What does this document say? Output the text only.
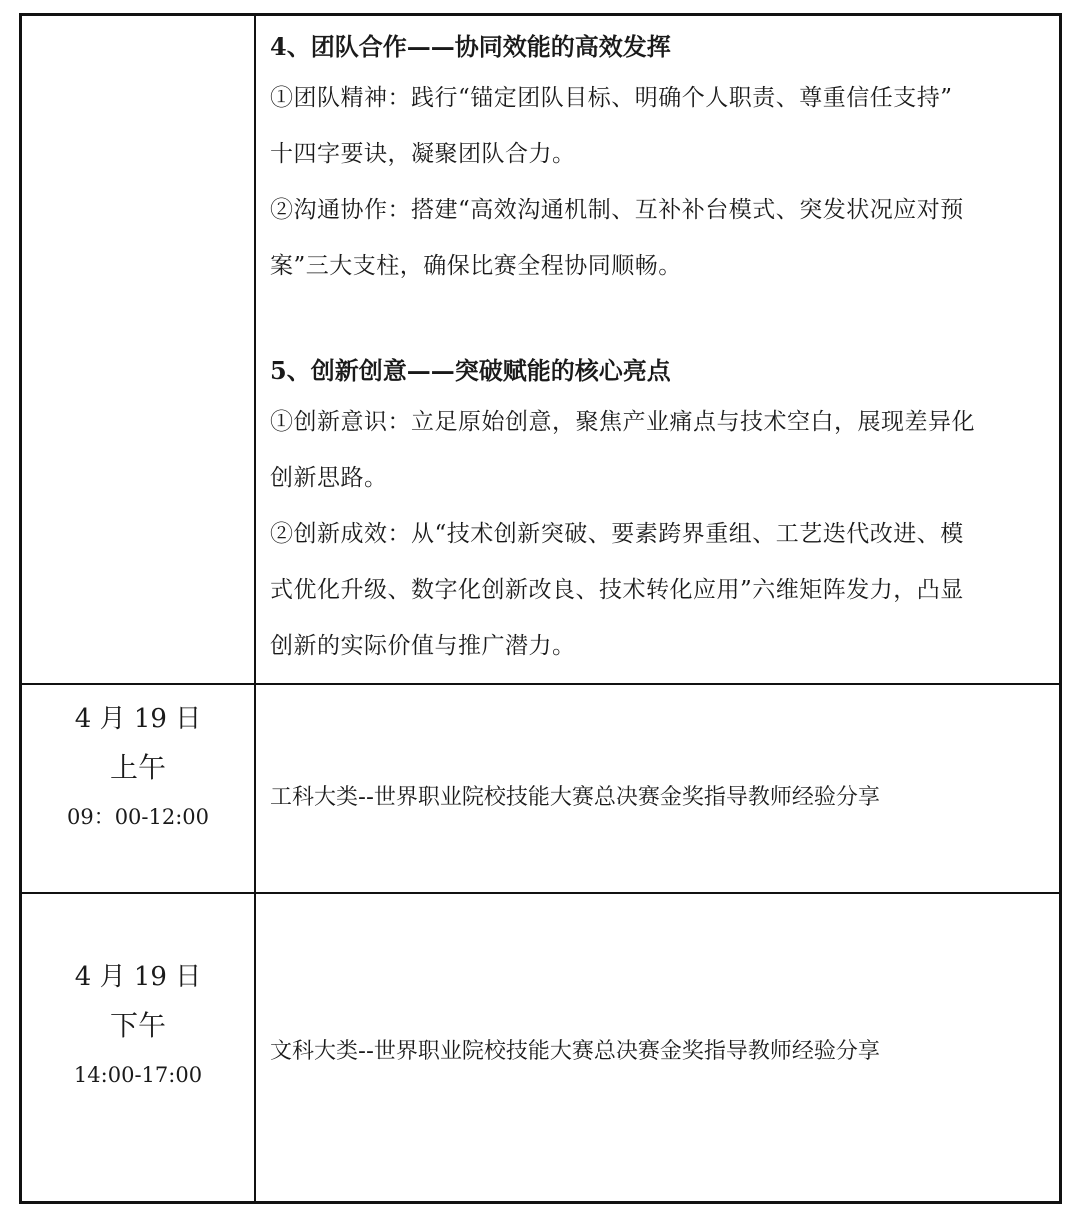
4、团队合作——协同效能的高效发挥

①团队精神：践行“锚定团队目标、明确个人职责、尊重信任支持”
十四字要诀，凝聚团队合力。

②沟通协作：搭建“高效沟通机制、互补补台模式、突发状况应对预
案”三大支柱，确保比赛全程协同顺畅。

5、创新创意——突破赋能的核心亮点

①创新意识：立足原始创意，聚焦产业痛点与技术空白，展现差异化
创新思路。

②创新成效：从“技术创新突破、要素跨界重组、工艺迭代改进、模
式优化升级、数字化创新改良、技术转化应用”六维矩阵发力，凸显
创新的实际价值与推广潜力。

4 月 19 日
上午
09：00-12:00
工科大类--世界职业院校技能大赛总决赛金奖指导教师经验分享
4 月 19 日
下午
14:00-17:00
文科大类--世界职业院校技能大赛总决赛金奖指导教师经验分享
